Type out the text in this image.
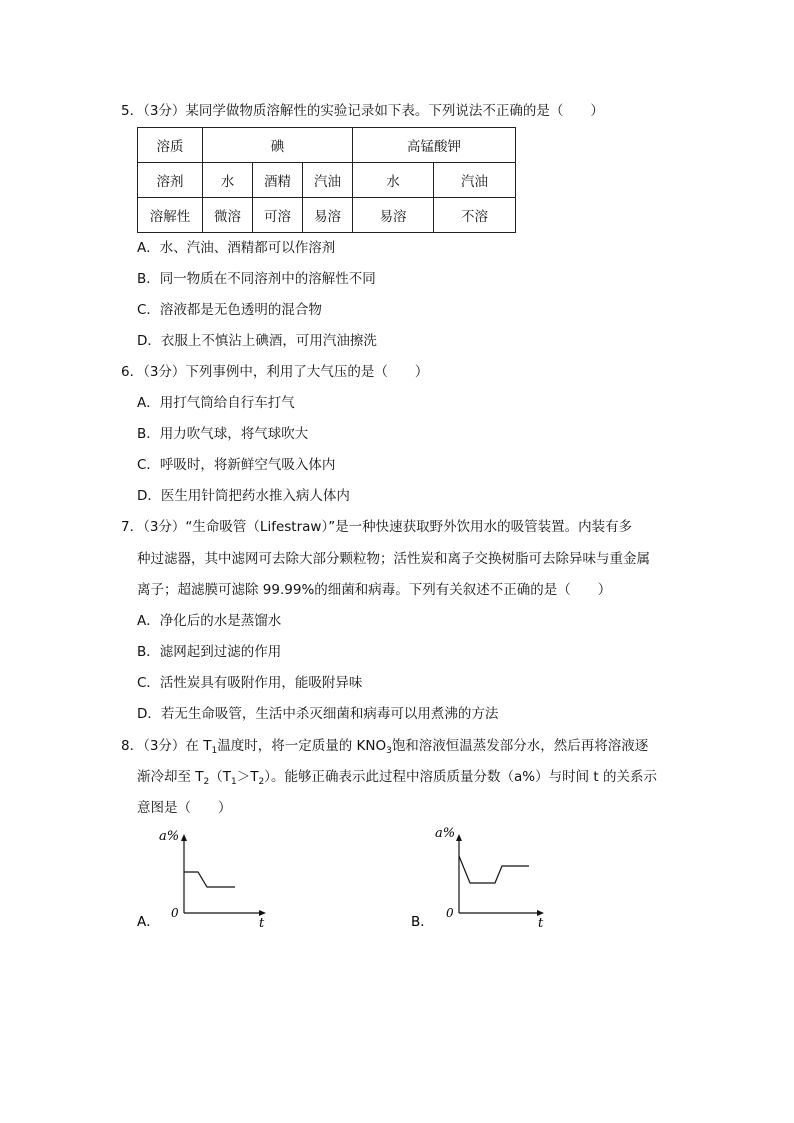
5．（3分）某同学做物质溶解性的实验记录如下表。下列说法不正确的是（　　）
溶质	碘			高锰酸钾	
溶剂	水	酒精	汽油	水	汽油
溶解性	微溶	可溶	易溶	易溶	不溶
A．水、汽油、酒精都可以作溶剂
B．同一物质在不同溶剂中的溶解性不同
C．溶液都是无色透明的混合物
D．衣服上不慎沾上碘酒，可用汽油擦洗
6．（3分）下列事例中，利用了大气压的是（　　）
A．用打气筒给自行车打气
B．用力吹气球，将气球吹大
C．呼吸时，将新鲜空气吸入体内
D．医生用针筒把药水推入病人体内
7．（3分）“生命吸管（Lifestraw）”是一种快速获取野外饮用水的吸管装置。内装有多
种过滤器，其中滤网可去除大部分颗粒物；活性炭和离子交换树脂可去除异味与重金属
离子；超滤膜可滤除 99.99%的细菌和病毒。下列有关叙述不正确的是（　　）
A．净化后的水是蒸馏水
B．滤网起到过滤的作用
C．活性炭具有吸附作用，能吸附异味
D．若无生命吸管，生活中杀灭细菌和病毒可以用煮沸的方法
8．（3分）在 $T_1$温度时，将一定质量的 $KNO_3$饱和溶液恒温蒸发部分水，然后再将溶液逐
渐冷却至 $T_2(T_1>T_2)$。能够正确表示此过程中溶质质量分数（a%）与时间 t 的关系示
意图是（　　）
a%
0
t
A．
a%
0
t
B．
